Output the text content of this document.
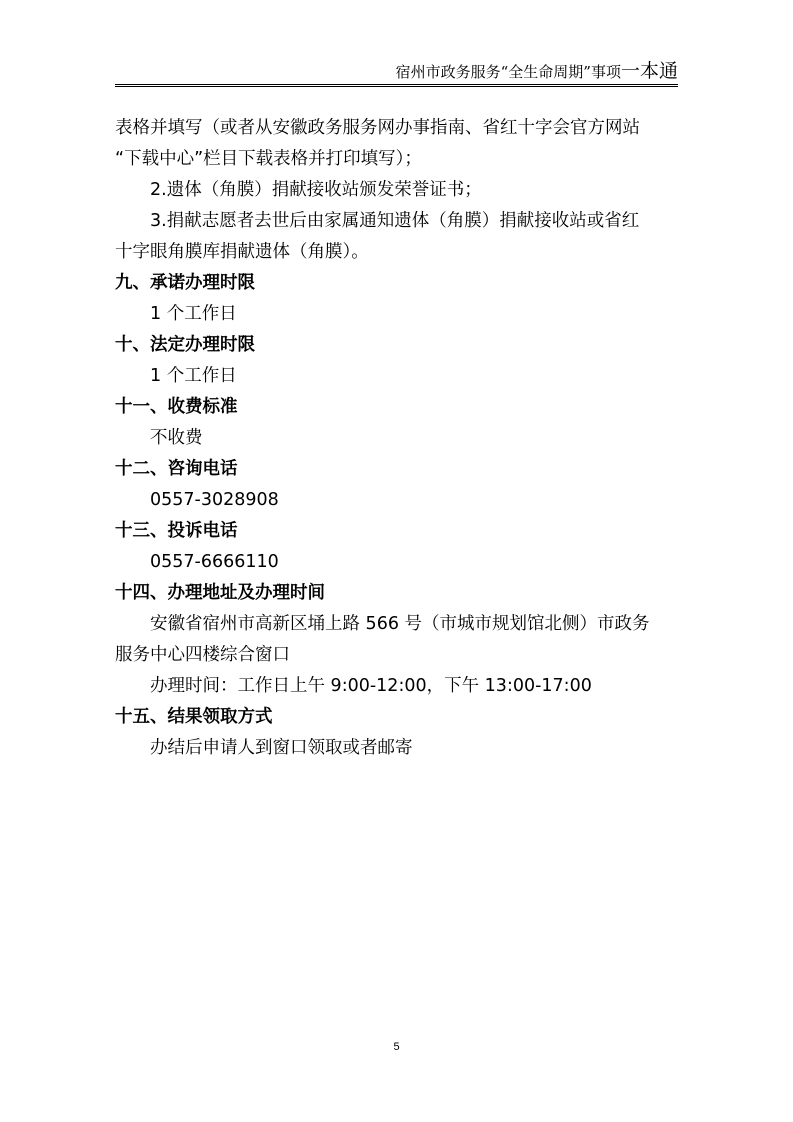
宿州市政务服务“全生命周期”事项一本通
表格并填写（或者从安徽政务服务网办事指南、省红十字会官方网站
“下载中心”栏目下载表格并打印填写）；
2.遗体（角膜）捐献接收站颁发荣誉证书；
3.捐献志愿者去世后由家属通知遗体（角膜）捐献接收站或省红
十字眼角膜库捐献遗体（角膜）。
九、承诺办理时限
1 个工作日
十、法定办理时限
1 个工作日
十一、收费标准
不收费
十二、咨询电话
0557-3028908
十三、投诉电话
0557-6666110
十四、办理地址及办理时间
安徽省宿州市高新区埇上路 566 号（市城市规划馆北侧）市政务
服务中心四楼综合窗口
办理时间：工作日上午 9:00-12:00，下午 13:00-17:00
十五、结果领取方式
办结后申请人到窗口领取或者邮寄
5
